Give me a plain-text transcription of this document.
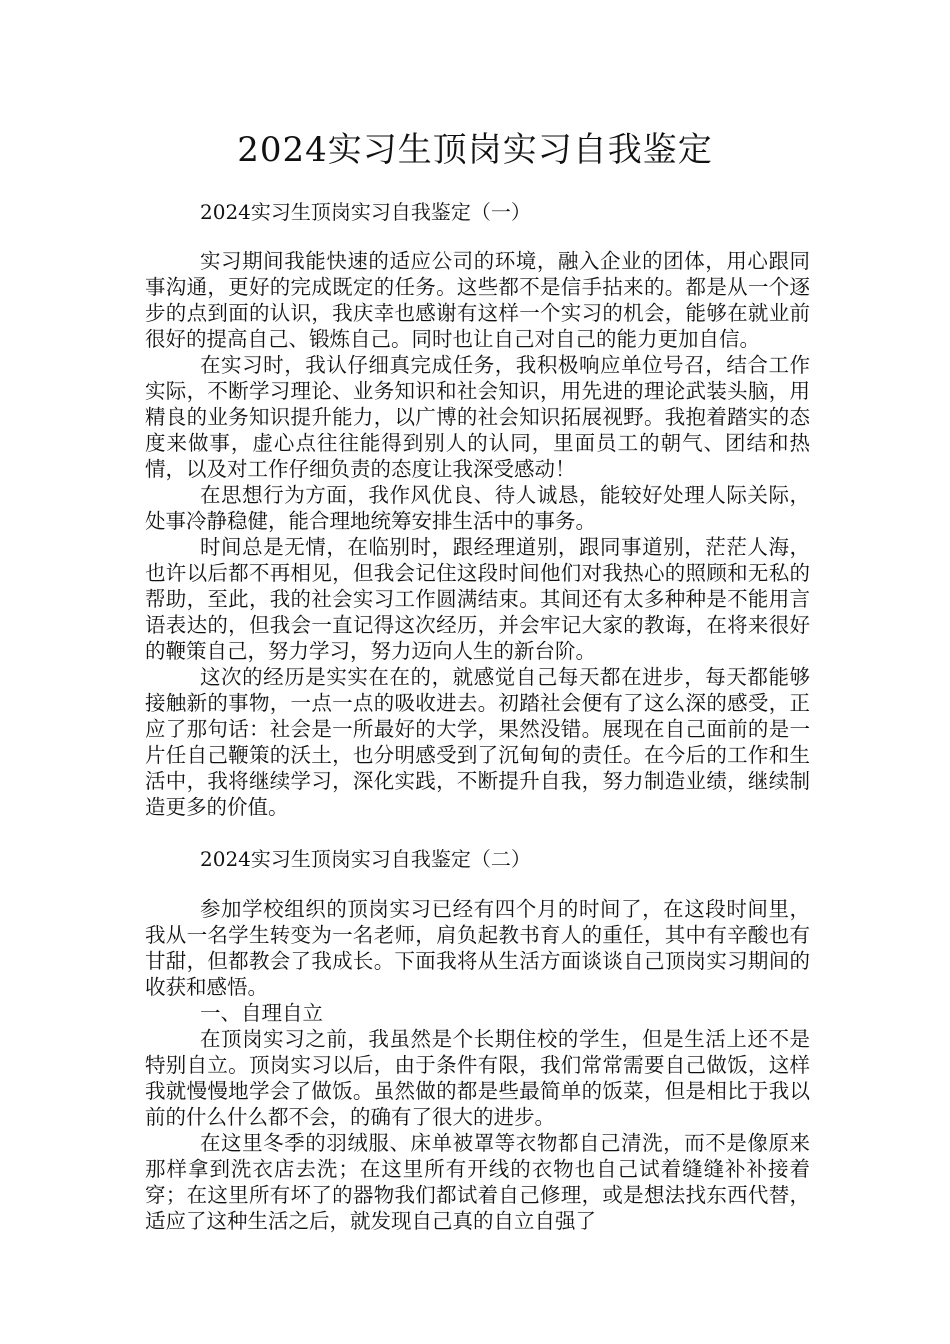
2024实习生顶岗实习自我鉴定
2024实习生顶岗实习自我鉴定（一）

实习期间我能快速的适应公司的环境，融入企业的团体，用心跟同事沟通，更好的完成既定的任务。这些都不是信手拈来的。都是从一个逐步的点到面的认识，我庆幸也感谢有这样一个实习的机会，能够在就业前很好的提高自己、锻炼自己。同时也让自己对自己的能力更加自信。

在实习时，我认仔细真完成任务，我积极响应单位号召，结合工作实际，不断学习理论、业务知识和社会知识，用先进的理论武装头脑，用精良的业务知识提升能力，以广博的社会知识拓展视野。我抱着踏实的态度来做事，虚心点往往能得到别人的认同，里面员工的朝气、团结和热情，以及对工作仔细负责的态度让我深受感动！

在思想行为方面，我作风优良、待人诚恳，能较好处理人际关际，处事冷静稳健，能合理地统筹安排生活中的事务。

时间总是无情，在临别时，跟经理道别，跟同事道别，茫茫人海，也许以后都不再相见，但我会记住这段时间他们对我热心的照顾和无私的帮助，至此，我的社会实习工作圆满结束。其间还有太多种种是不能用言语表达的，但我会一直记得这次经历，并会牢记大家的教诲，在将来很好的鞭策自己，努力学习，努力迈向人生的新台阶。

这次的经历是实实在在的，就感觉自己每天都在进步，每天都能够接触新的事物，一点一点的吸收进去。初踏社会便有了这么深的感受，正应了那句话：社会是一所最好的大学，果然没错。展现在自己面前的是一片任自己鞭策的沃土，也分明感受到了沉甸甸的责任。在今后的工作和生活中，我将继续学习，深化实践，不断提升自我，努力制造业绩，继续制造更多的价值。

2024实习生顶岗实习自我鉴定（二）

参加学校组织的顶岗实习已经有四个月的时间了，在这段时间里，我从一名学生转变为一名老师，肩负起教书育人的重任，其中有辛酸也有甘甜，但都教会了我成长。下面我将从生活方面谈谈自己顶岗实习期间的收获和感悟。

一、自理自立

在顶岗实习之前，我虽然是个长期住校的学生，但是生活上还不是特别自立。顶岗实习以后，由于条件有限，我们常常需要自己做饭，这样我就慢慢地学会了做饭。虽然做的都是些最简单的饭菜，但是相比于我以前的什么什么都不会，的确有了很大的进步。

在这里冬季的羽绒服、床单被罩等衣物都自己清洗，而不是像原来那样拿到洗衣店去洗；在这里所有开线的衣物也自己试着缝缝补补接着穿；在这里所有坏了的器物我们都试着自己修理，或是想法找东西代替，适应了这种生活之后，就发现自己真的自立自强了
